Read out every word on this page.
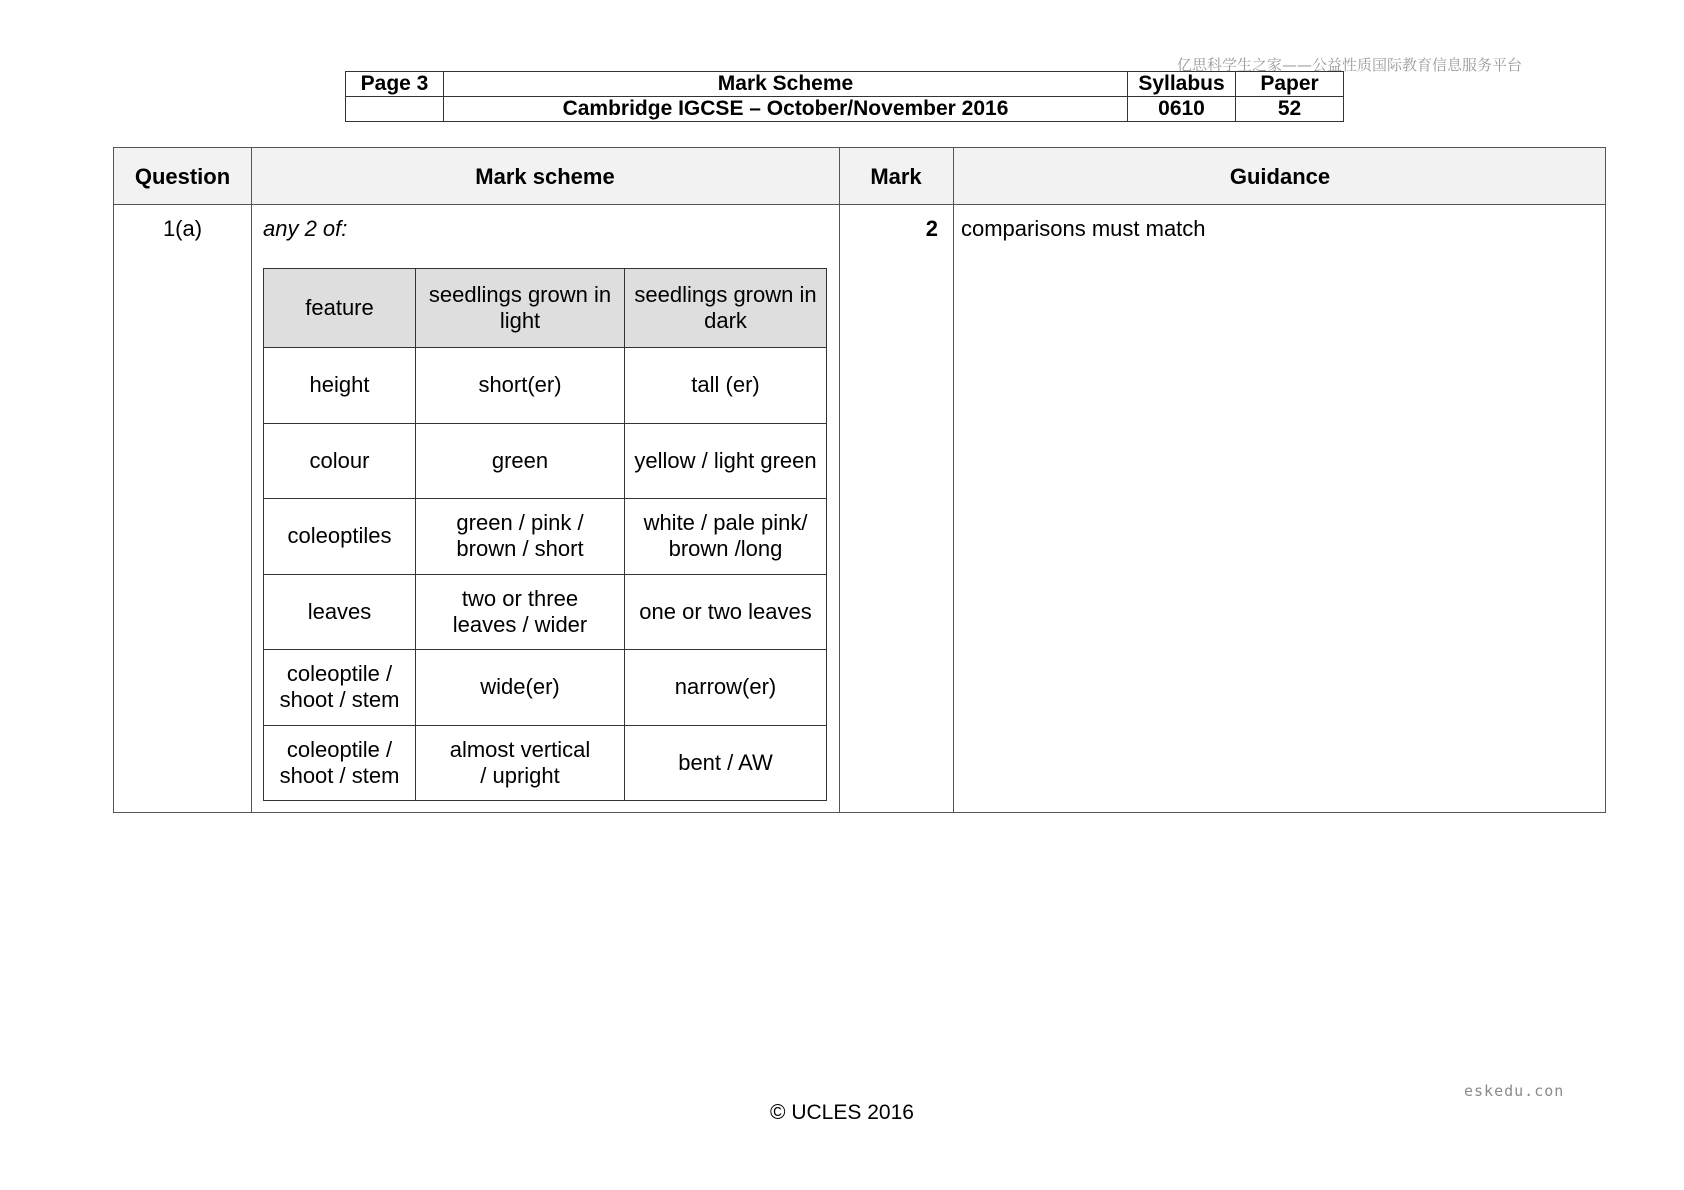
亿思科学生之家——公益性质国际教育信息服务平台
Page 3	Mark Scheme	Syllabus	Paper
	Cambridge IGCSE – October/November 2016	0610	52
Question	Mark scheme	Mark	Guidance
1(a)	any 2 of:	2 comparisons must match
feature	seedlings grown in light	seedlings grown in dark
height	short(er)	tall (er)
colour	green	yellow / light green
coleoptiles	green / pink / brown / short	white / pale pink/ brown /long
leaves	two or three leaves / wider	one or two leaves
coleoptile / shoot / stem	wide(er)	narrow(er)
coleoptile / shoot / stem	almost vertical / upright	bent / AW
eskedu.con
© UCLES 2016
